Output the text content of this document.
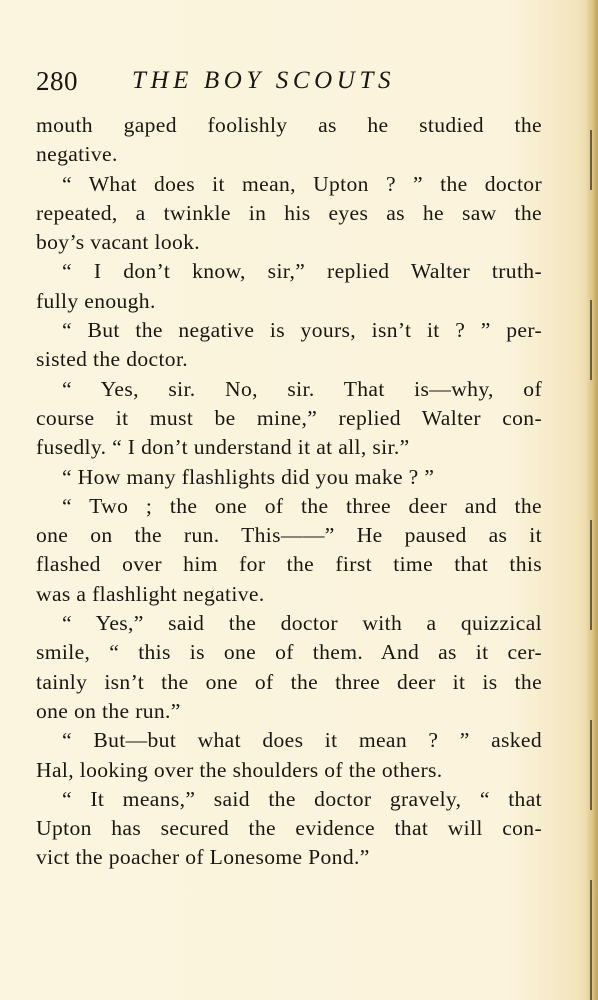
280 THE BOY SCOUTS
mouth gaped foolishly as he studied the
negative.
“ What does it mean, Upton ? ” the doctor
repeated, a twinkle in his eyes as he saw the
boy’s vacant look.
“ I don’t know, sir,” replied Walter truth-
fully enough.
“ But the negative is yours, isn’t it ? ” per-
sisted the doctor.
“ Yes, sir. No, sir. That is—why, of
course it must be mine,” replied Walter con-
fusedly. “ I don’t understand it at all, sir.”
“ How many flashlights did you make ? ”
“ Two ; the one of the three deer and the
one on the run. This——” He paused as it
flashed over him for the first time that this
was a flashlight negative.
“ Yes,” said the doctor with a quizzical
smile, “ this is one of them. And as it cer-
tainly isn’t the one of the three deer it is the
one on the run.”
“ But—but what does it mean ? ” asked
Hal, looking over the shoulders of the others.
“ It means,” said the doctor gravely, “ that
Upton has secured the evidence that will con-
vict the poacher of Lonesome Pond.”
